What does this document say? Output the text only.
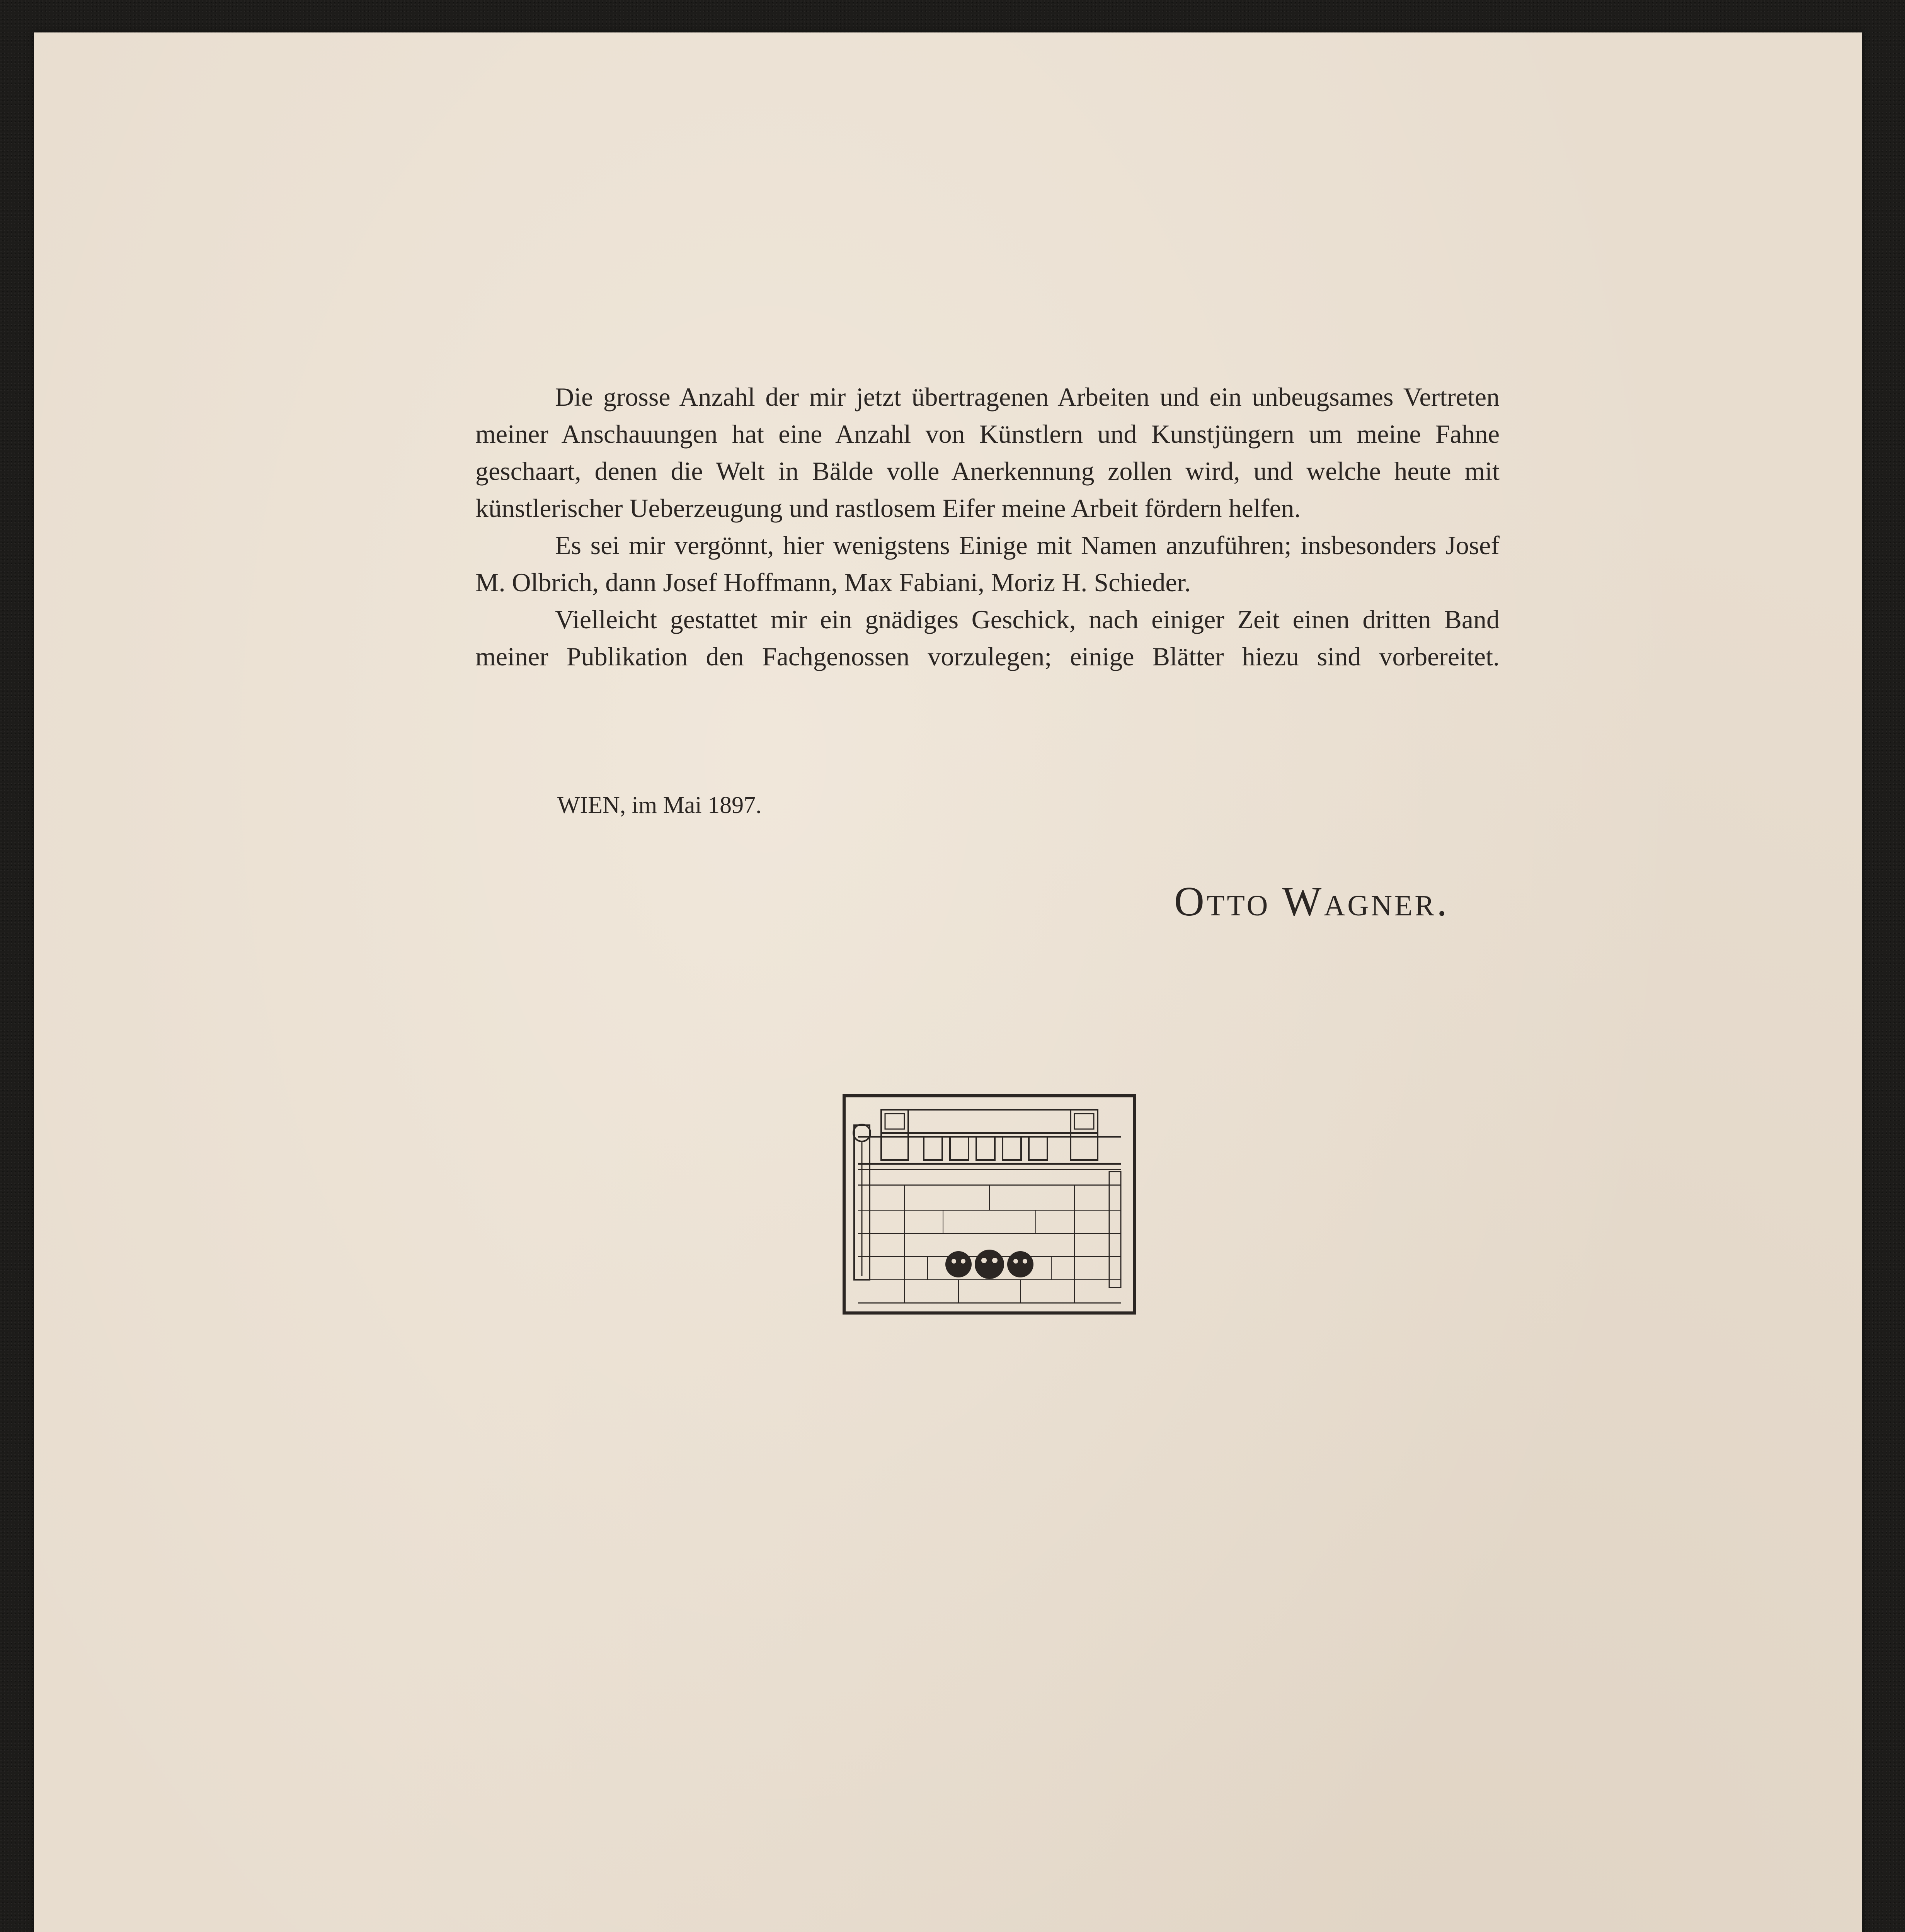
Die grosse Anzahl der mir jetzt übertragenen Arbeiten und ein unbeugsames Vertreten meiner Anschauungen hat eine Anzahl von Künstlern und Kunstjüngern um meine Fahne geschaart, denen die Welt in Bälde volle Anerkennung zollen wird, und welche heute mit künstlerischer Ueberzeugung und rastlosem Eifer meine Arbeit fördern helfen.

Es sei mir vergönnt, hier wenigstens Einige mit Namen anzuführen; insbesonders Josef M. Olbrich, dann Josef Hoffmann, Max Fabiani, Moriz H. Schieder.

Vielleicht gestattet mir ein gnädiges Geschick, nach einiger Zeit einen dritten Band meiner Publikation den Fachgenossen vorzulegen; einige Blätter hiezu sind vorbereitet.

WIEN, im Mai 1897.
Otto Wagner.
